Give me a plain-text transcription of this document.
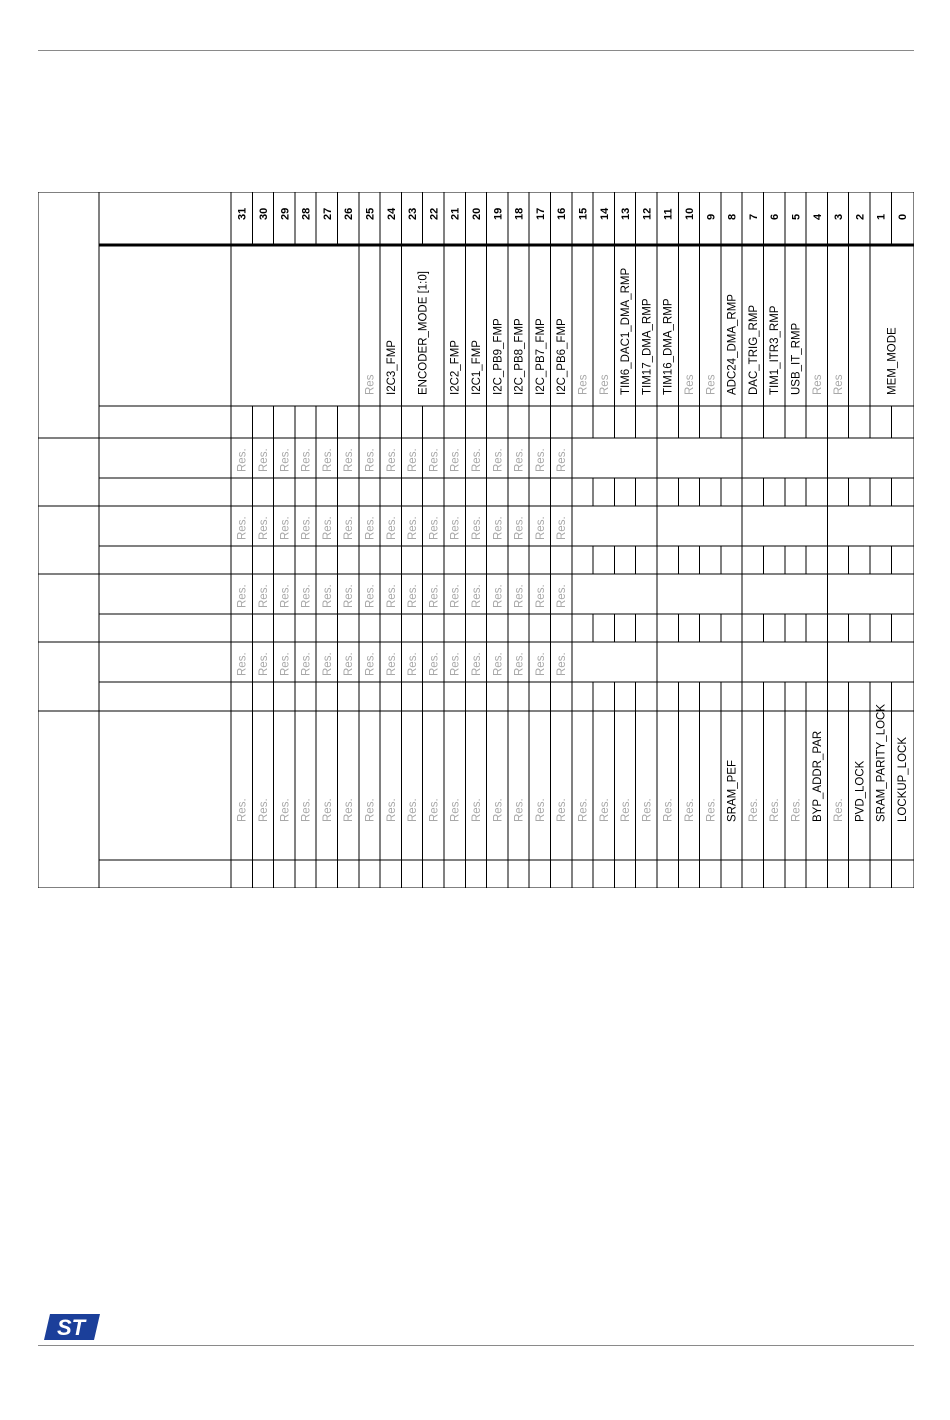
31 30 29 28 27 26 25 24 23 22 21 20 19 18 17 16 15 14 13 12 11 10 9 8 7 6 5 4 3 2 1 0
Res I2C3_FMP ENCODER_MODE [1:0] I2C2_FMP I2C1_FMP I2C_PB9_FMP I2C_PB8_FMP I2C_PB7_FMP I2C_PB6_FMP Res Res TIM6_DAC1_DMA_RMP TIM17_DMA_RMP TIM16_DMA_RMP Res Res ADC24_DMA_RMP DAC_TRIG_RMP TIM1_ITR3_RMP USB_IT_RMP Res Res	MEM_MODE
Res. Res. Res. Res. Res. Res. Res. Res. Res. Res. Res. Res. Res. Res. Res. Res.
Res. Res. Res. Res. Res. Res. Res. Res. Res. Res. Res. Res. Res. Res. Res. Res.
Res. Res. Res. Res. Res. Res. Res. Res. Res. Res. Res. Res. Res. Res. Res. Res.
Res. Res. Res. Res. Res. Res. Res. Res. Res. Res. Res. Res. Res. Res. Res. Res.
Res. Res. Res. Res. Res. Res. Res. Res. Res. Res. Res. Res. Res. Res. Res. Res. Res. Res. Res. Res. Res. Res. Res. SRAM_PEF Res. Res. Res. BYP_ADDR_PAR Res. PVD_LOCK SRAM_PARITY_LOCK LOCKUP_LOCK
ST
